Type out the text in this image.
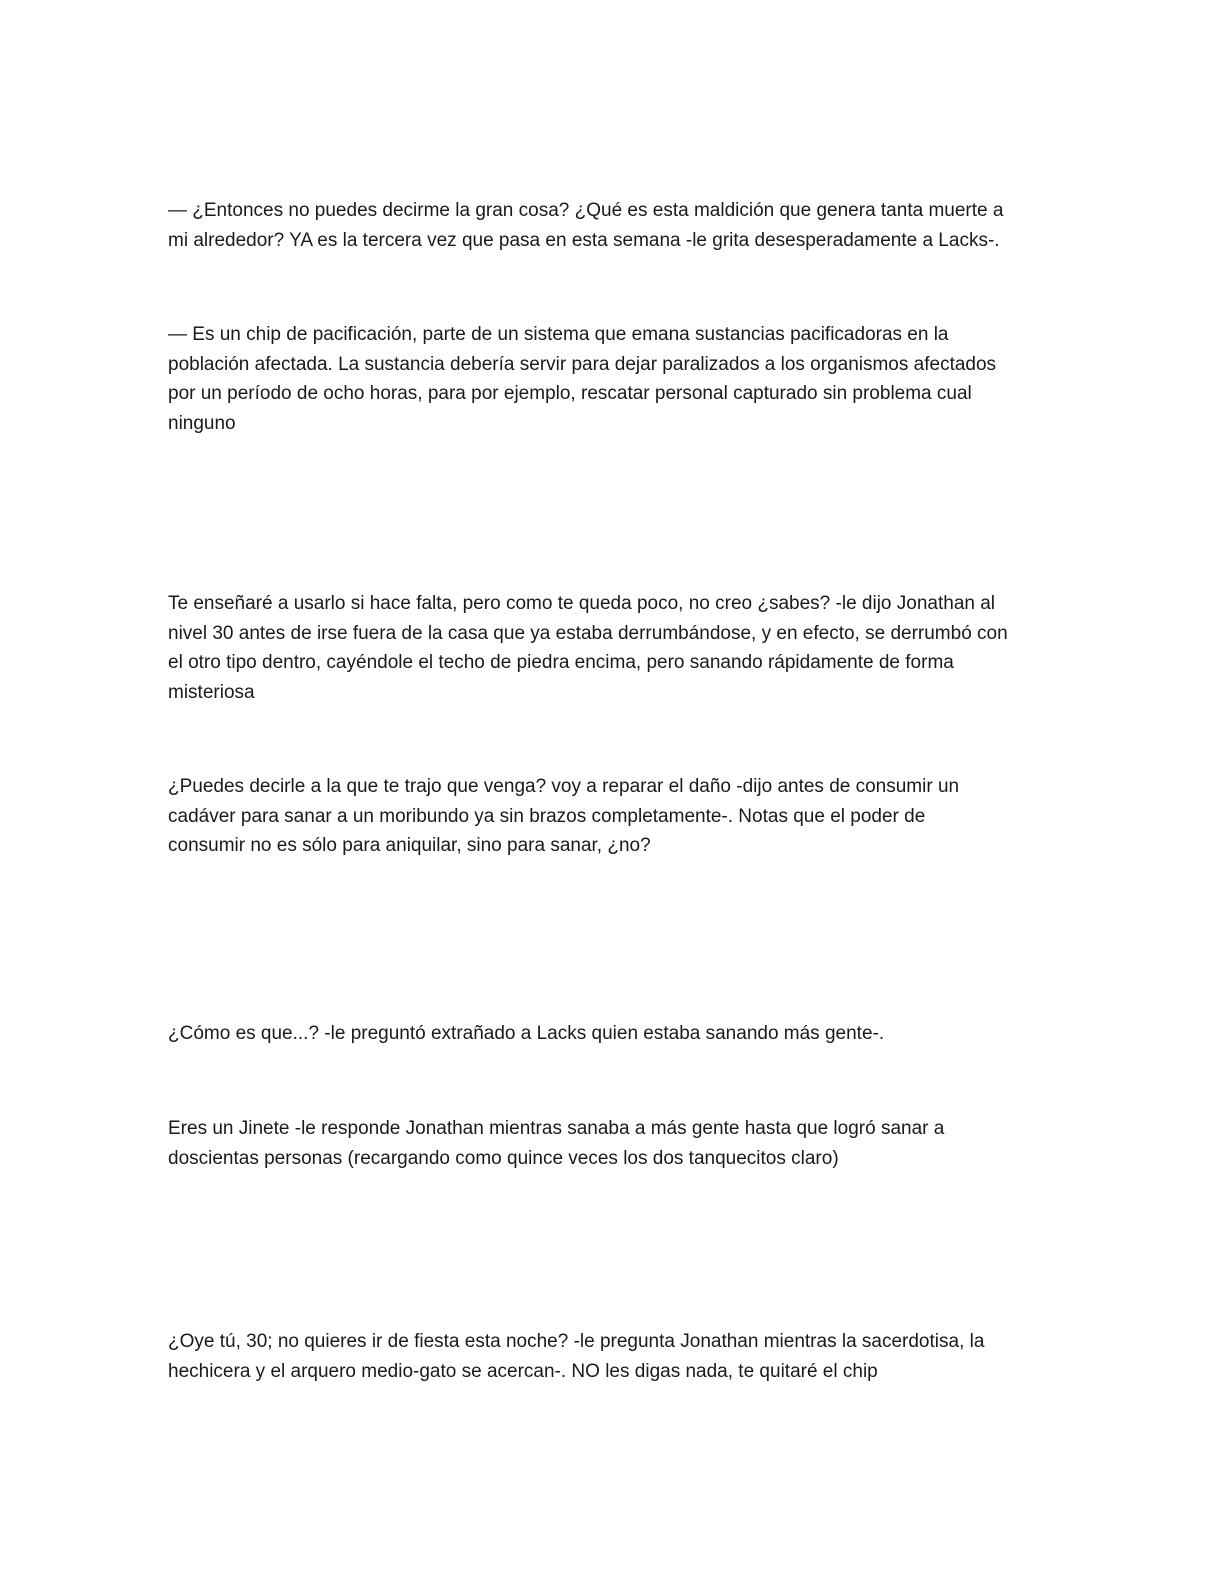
— ¿Entonces no puedes decirme la gran cosa? ¿Qué es esta maldición que genera tanta muerte a
mi alrededor? YA es la tercera vez que pasa en esta semana -le grita desesperadamente a Lacks-.

— Es un chip de pacificación, parte de un sistema que emana sustancias pacificadoras en la
población afectada. La sustancia debería servir para dejar paralizados a los organismos afectados
por un período de ocho horas, para por ejemplo, rescatar personal capturado sin problema cual
ninguno

Te enseñaré a usarlo si hace falta, pero como te queda poco, no creo ¿sabes? -le dijo Jonathan al
nivel 30 antes de irse fuera de la casa que ya estaba derrumbándose, y en efecto, se derrumbó con
el otro tipo dentro, cayéndole el techo de piedra encima, pero sanando rápidamente de forma
misteriosa

¿Puedes decirle a la que te trajo que venga? voy a reparar el daño -dijo antes de consumir un
cadáver para sanar a un moribundo ya sin brazos completamente-. Notas que el poder de
consumir no es sólo para aniquilar, sino para sanar, ¿no?

¿Cómo es que...? -le preguntó extrañado a Lacks quien estaba sanando más gente-.

Eres un Jinete -le responde Jonathan mientras sanaba a más gente hasta que logró sanar a
doscientas personas (recargando como quince veces los dos tanquecitos claro)

¿Oye tú, 30; no quieres ir de fiesta esta noche? -le pregunta Jonathan mientras la sacerdotisa, la
hechicera y el arquero medio-gato se acercan-. NO les digas nada, te quitaré el chip
